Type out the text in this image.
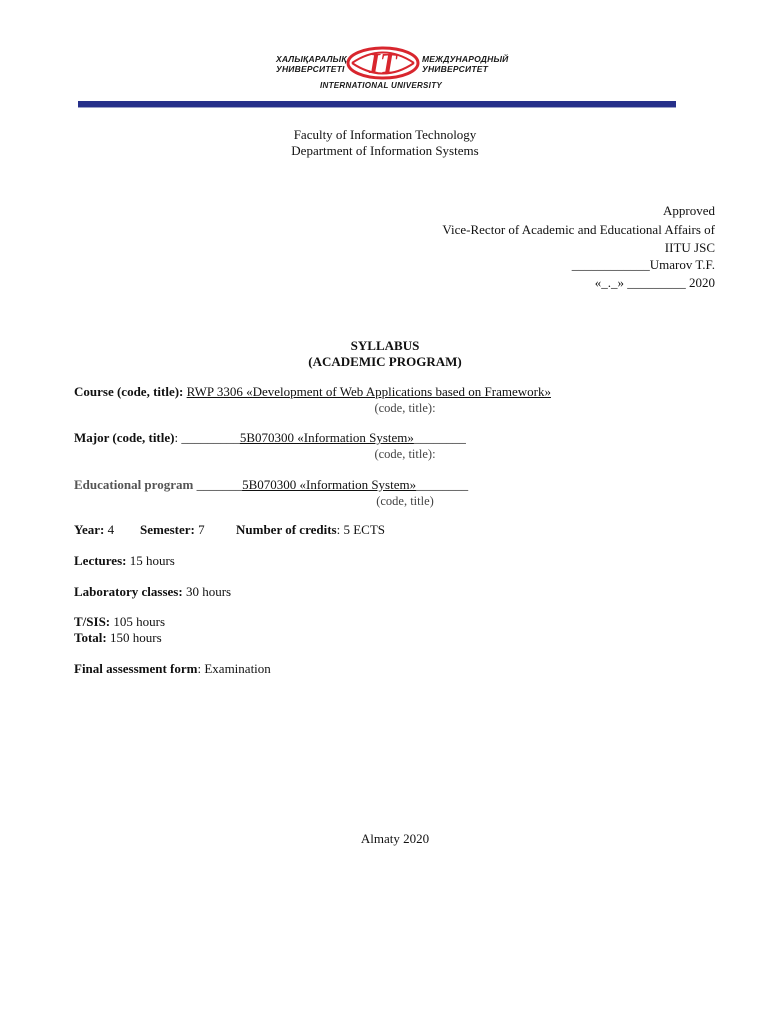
ХАЛЫҚАРАЛЫҚ
УНИВЕРСИТЕТІ IT	МЕЖДУНАРОДНЫЙ
УНИВЕРСИТЕТ
INTERNATIONAL UNIVERSITY
Faculty of Information Technology
Department of Information Systems
Approved
Vice-Rector of Academic and Educational Affairs of
IITU JSC
____________Umarov T.F.
«_._» _________ 2020
SYLLABUS
(ACADEMIC PROGRAM)
Course (code, title): RWP 3306 «Development of Web Applications based on Framework»
(code, title):
Major (code, title): _________5B070300 «Information System»________
(code, title):
Educational program _______5B070300 «Information System»________
(code, title)
Year: 4 Semester: 7 Number of credits: 5 ECTS
Lectures: 15 hours
Laboratory classes: 30 hours
T/SIS: 105 hours
Total: 150 hours
Final assessment form: Examination
Almaty 2020
